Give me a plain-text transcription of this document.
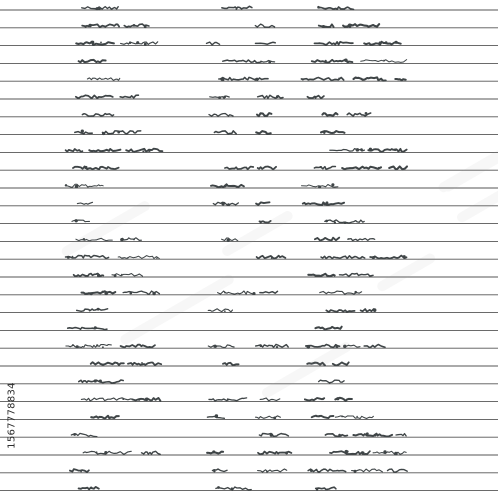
1567778834
